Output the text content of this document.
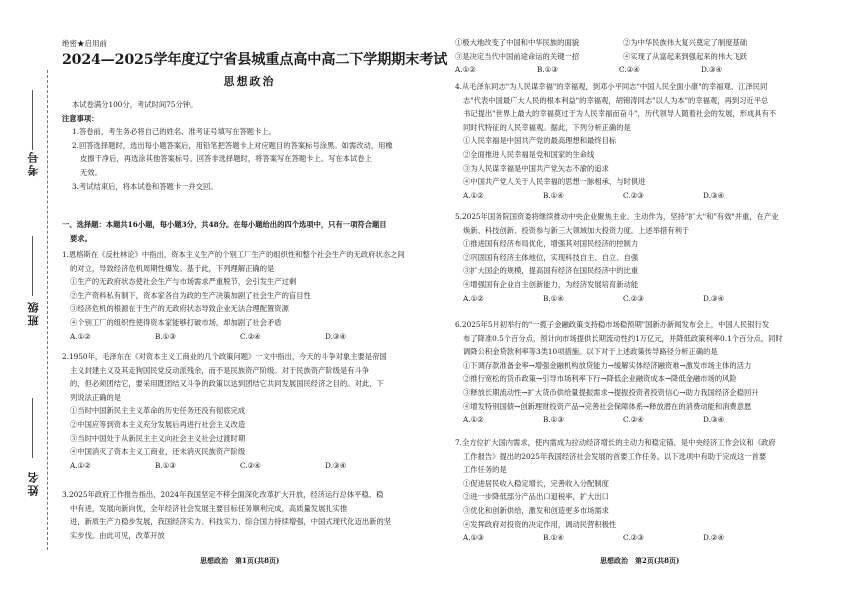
考号
班级
姓名
绝密★启用前
2024—2025学年度辽宁省县城重点高中高二下学期期末考试
思想政治

本试卷满分100分，考试时间75分钟。

注意事项：

1.答卷前，考生务必将自己的姓名、准考证号填写在答题卡上。

2.回答选择题时，选出每小题答案后，用铅笔把答题卡上对应题目的答案标号涂黑。如需改动，用橡

皮擦干净后，再选涂其他答案标号。回答非选择题时，将答案写在答题卡上。写在本试卷上

无效。

3.考试结束后，将本试卷和答题卡一并交回。

一、选择题：本题共16小题，每小题3分，共48分。在每小题给出的四个选项中，只有一项符合题目

要求。

1.恩格斯在《反杜林论》中指出，资本主义生产的个别工厂生产的组织性和整个社会生产的无政府状态之间

的对立，导致经济危机周期性爆发。基于此，下列理解正确的是

①生产的无政府状态使社会生产与市场需求严重脱节，会引发生产过剩

②生产资料私有制下，资本家各自为政的生产决策加剧了社会生产的盲目性

③经济危机的根源在于生产的无政府状态导致企业无法合理配置资源

④个别工厂的组织性使得资本家能够打破市场，却加剧了社会矛盾

A.①②	B.①③	C.②④	D.③④

2.1950年，毛泽东在《对资本主义工商业的几个政策问题》一文中指出，今天的斗争对象主要是帝国

主义封建主义及其走狗国民党反动派残余，而不是民族资产阶级。对于民族资产阶级是有斗争

的，但必须团结它，要采用既团结又斗争的政策以达到团结它共同发展国民经济之目的。对此，下

列说法正确的是

①当时中国新民主主义革命的历史任务还没有彻底完成

②中国应等到资本主义充分发展后再进行社会主义改造

③当时中国处于从新民主主义向社会主义社会过渡时期

④中国消灭了资本主义工商业，还未消灭民族资产阶级

A.①②	B.①③	C.②④	D.③④

3.2025年政府工作报告指出，2024年我国坚定不移全面深化改革扩大开放，经济运行总体平稳、稳

中有进，发展向新向优，全年经济社会发展主要目标任务顺利完成，高质量发展扎实推

进，新质生产力稳步发展，我国经济实力、科技实力、综合国力持续增强，中国式现代化迈出新的坚

实步伐。由此可见，改革开放

思想政治　第1页(共8页)
①极大地改变了中国和中华民族的面貌	②为中华民族伟大复兴奠定了制度基础
③是决定当代中国前途命运的关键一招	④实现了从富起来到强起来的伟大飞跃
A.①②	B.①③	C.②④	D.③④

4.从毛泽东同志"为人民谋幸福"的幸福观，到邓小平同志"中国人民全面小康"的幸福观、江泽民同

志"代表中国最广大人民的根本利益"的幸福观，胡锦涛同志"以人为本"的幸福观，再到习近平总

书记提出"世界上最大的幸福莫过于为人民幸福而奋斗"，历代领导人随着社会的发展，形成具有不

同时代特征的人民幸福观。据此，下列分析正确的是

①人民幸福是中国共产党的最高理想和最终目标

②全面推进人民幸福是党和国家的生命线

③为人民谋幸福是中国共产党矢志不渝的追求

④中国共产党人关于人民幸福的思想一脉相承、与时俱进

A.①②	B.①④	C.②③	D.③④

5.2025年国务院国资委将继续推动中央企业聚焦主业、主动作为，坚持"扩大"和"有效"并重，在产业

焕新、科技创新、投资参与新三大领域加大投资力度。上述举措有利于

①推进国有经济布局优化，增强其对国民经济的控制力

②巩固国有经济主体地位，实现科技自主、自立、自强

③扩大国企的规模，提高国有经济在国民经济中的比重

④增强国有企业自主创新能力，为经济发展培育新动能

A.①②	B.①④	C.②③	D.③④

6.2025年5月初举行的"一揽子金融政策支持稳市场稳预期"国新办新闻发布会上，中国人民银行发

布了降准0.5个百分点，预计向市场提供长期流动性约1万亿元，并降低政策利率0.1个百分点，同时

调降公积金贷款利率等3类10项措施。以下对于上述政策传导路径分析正确的是

①下调存款准备金率→增强金融机构放贷能力→缓解实体经济融资难→激发市场主体的活力

②推行宽松的货币政策→引导市场利率下行→降低企业融资成本→降低金融市场的风险

③释放长期流动性→扩大货币供给量提振需求→提振投资者投资信心→助力我国经济企稳回升

④增发特别国债→创新理财投资产品→完善社会保障体系→释放潜在的消费动能和消费意愿

A.①②	B.①③	C.②④	D.③④

7.全方位扩大国内需求，使内需成为拉动经济增长的主动力和稳定锚，是中央经济工作会议和《政府

工作报告》提出的2025年我国经济社会发展的首要工作任务。以下选项中有助于完成这一首要

工作任务的是

①促进居民收入稳定增长，完善收入分配制度

②进一步降低部分产品出口退税率，扩大出口

③优化和创新供给，激发和创造更多市场需求

④发挥政府对投资的决定作用，调动民营积极性

A.①③	B.①④	C.②③	D.②④
思想政治　第2页(共8页)
